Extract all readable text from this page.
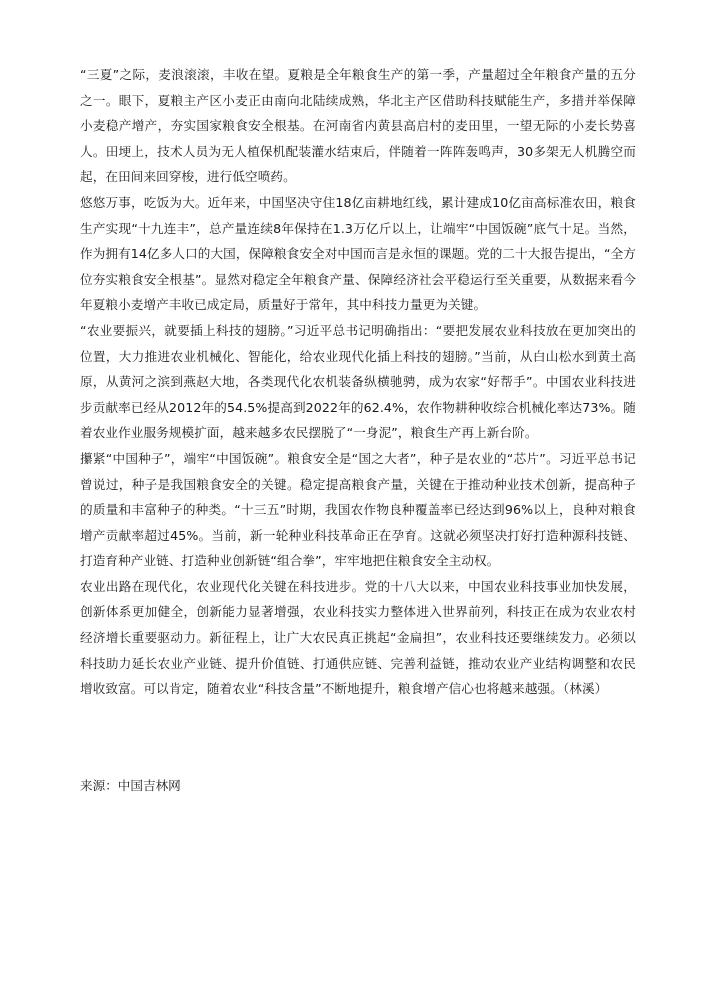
“三夏”之际，麦浪滚滚，丰收在望。夏粮是全年粮食生产的第一季，产量超过全年粮食产量的五分之一。眼下，夏粮主产区小麦正由南向北陆续成熟，华北主产区借助科技赋能生产，多措并举保障小麦稳产增产，夯实国家粮食安全根基。在河南省内黄县高启村的麦田里，一望无际的小麦长势喜人。田埂上，技术人员为无人植保机配装灌水结束后，伴随着一阵阵轰鸣声，30多架无人机腾空而起，在田间来回穿梭，进行低空喷药。

悠悠万事，吃饭为大。近年来，中国坚决守住18亿亩耕地红线，累计建成10亿亩高标准农田，粮食生产实现“十九连丰”，总产量连续8年保持在1.3万亿斤以上，让端牢“中国饭碗”底气十足。当然，作为拥有14亿多人口的大国，保障粮食安全对中国而言是永恒的课题。党的二十大报告提出，“全方位夯实粮食安全根基”。显然对稳定全年粮食产量、保障经济社会平稳运行至关重要，从数据来看今年夏粮小麦增产丰收已成定局，质量好于常年，其中科技力量更为关键。

“农业要振兴，就要插上科技的翅膀。”习近平总书记明确指出：“要把发展农业科技放在更加突出的位置，大力推进农业机械化、智能化，给农业现代化插上科技的翅膀。”当前，从白山松水到黄土高原，从黄河之滨到燕赵大地，各类现代化农机装备纵横驰骋，成为农家“好帮手”。中国农业科技进步贡献率已经从2012年的54.5%提高到2022年的62.4%，农作物耕种收综合机械化率达73%。随着农业作业服务规模扩面，越来越多农民摆脱了“一身泥”，粮食生产再上新台阶。

攥紧“中国种子”，端牢“中国饭碗”。粮食安全是“国之大者”，种子是农业的“芯片”。习近平总书记曾说过，种子是我国粮食安全的关键。稳定提高粮食产量，关键在于推动种业技术创新，提高种子的质量和丰富种子的种类。“十三五”时期，我国农作物良种覆盖率已经达到96%以上，良种对粮食增产贡献率超过45%。当前，新一轮种业科技革命正在孕育。这就必须坚决打好打造种源科技链、打造育种产业链、打造种业创新链“组合拳”，牢牢地把住粮食安全主动权。

农业出路在现代化，农业现代化关键在科技进步。党的十八大以来，中国农业科技事业加快发展，创新体系更加健全，创新能力显著增强，农业科技实力整体进入世界前列，科技正在成为农业农村经济增长重要驱动力。新征程上，让广大农民真正挑起“金扁担”，农业科技还要继续发力。必须以科技助力延长农业产业链、提升价值链、打通供应链、完善利益链，推动农业产业结构调整和农民增收致富。可以肯定，随着农业“科技含量”不断地提升，粮食增产信心也将越来越强。（林溪）

来源：中国吉林网
